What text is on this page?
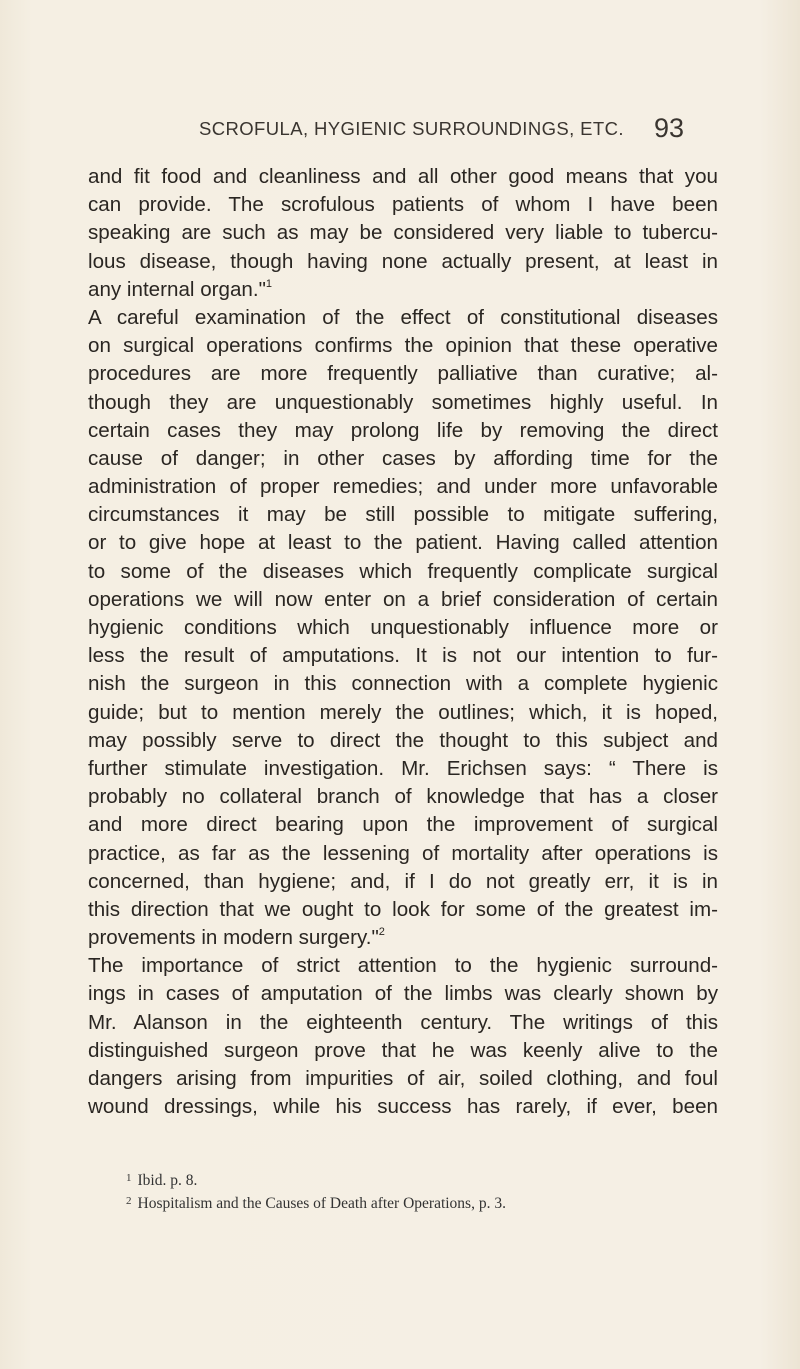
SCROFULA, HYGIENIC SURROUNDINGS, ETC. 93
and fit food and cleanliness and all other good means that you
can provide. The scrofulous patients of whom I have been
speaking are such as may be considered very liable to tubercu-
lous disease, though having none actually present, at least in
any internal organ."$^1$
A careful examination of the effect of constitutional diseases
on surgical operations confirms the opinion that these operative
procedures are more frequently palliative than curative; al-
though they are unquestionably sometimes highly useful. In
certain cases they may prolong life by removing the direct
cause of danger; in other cases by affording time for the
administration of proper remedies; and under more unfavorable
circumstances it may be still possible to mitigate suffering,
or to give hope at least to the patient. Having called attention
to some of the diseases which frequently complicate surgical
operations we will now enter on a brief consideration of certain
hygienic conditions which unquestionably influence more or
less the result of amputations. It is not our intention to fur-
nish the surgeon in this connection with a complete hygienic
guide; but to mention merely the outlines; which, it is hoped,
may possibly serve to direct the thought to this subject and
further stimulate investigation. Mr. Erichsen says: “ There is
probably no collateral branch of knowledge that has a closer
and more direct bearing upon the improvement of surgical
practice, as far as the lessening of mortality after operations is
concerned, than hygiene; and, if I do not greatly err, it is in
this direction that we ought to look for some of the greatest im-
provements in modern surgery."$^2$
The importance of strict attention to the hygienic surround-
ings in cases of amputation of the limbs was clearly shown by
Mr. Alanson in the eighteenth century. The writings of this
distinguished surgeon prove that he was keenly alive to the
dangers arising from impurities of air, soiled clothing, and foul
wound dressings, while his success has rarely, if ever, been
$^1$ Ibid. p. 8.
$^2$ Hospitalism and the Causes of Death after Operations, p. 3.
